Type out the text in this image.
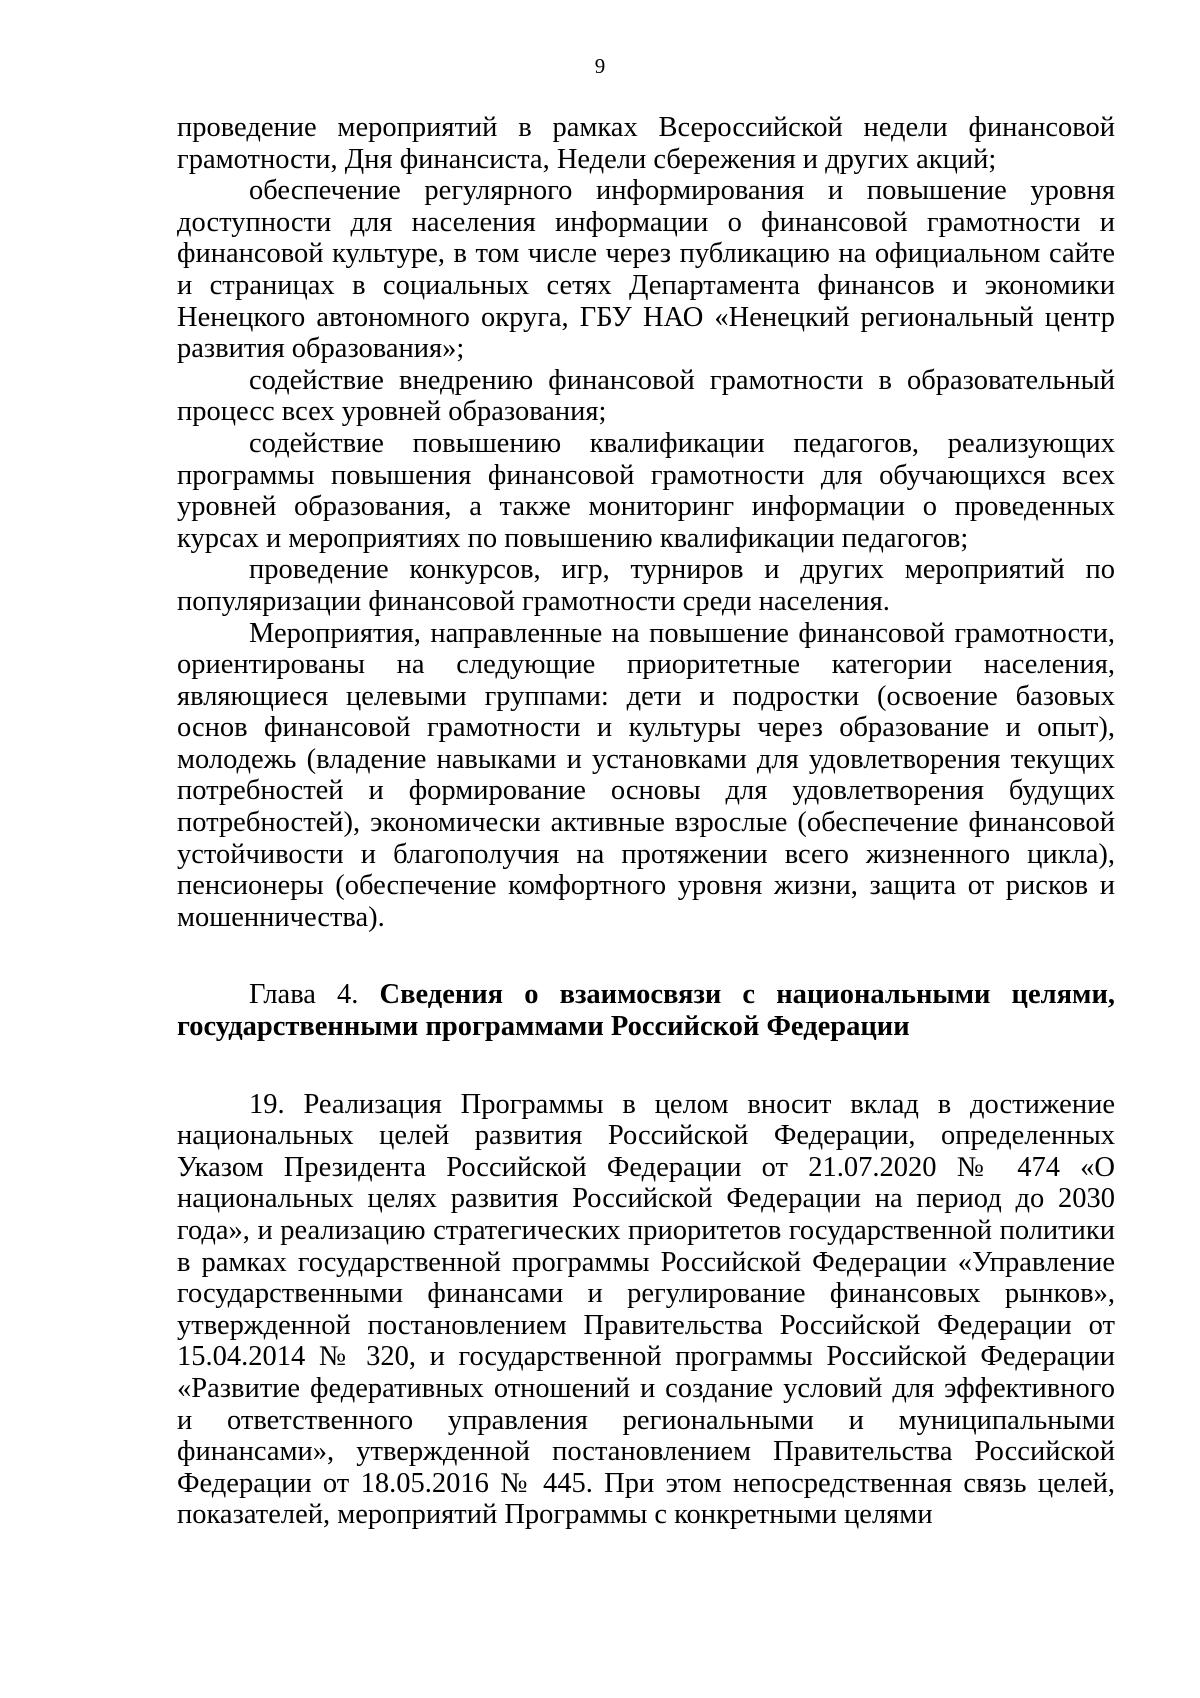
9

проведение мероприятий в рамках Всероссийской недели финансовой грамотности, Дня финансиста, Недели сбережения и других акций;

обеспечение регулярного информирования и повышение уровня доступности для населения информации о финансовой грамотности и финансовой культуре, в том числе через публикацию на официальном сайте и страницах в социальных сетях Департамента финансов и экономики Ненецкого автономного округа, ГБУ НАО «Ненецкий региональный центр развития образования»;

содействие внедрению финансовой грамотности в образовательный процесс всех уровней образования;

содействие повышению квалификации педагогов, реализующих программы повышения финансовой грамотности для обучающихся всех уровней образования, а также мониторинг информации о проведенных курсах и мероприятиях по повышению квалификации педагогов;

проведение конкурсов, игр, турниров и других мероприятий по популяризации финансовой грамотности среди населения.

Мероприятия, направленные на повышение финансовой грамотности, ориентированы на следующие приоритетные категории населения, являющиеся целевыми группами: дети и подростки (освоение базовых основ финансовой грамотности и культуры через образование и опыт), молодежь (владение навыками и установками для удовлетворения текущих потребностей и формирование основы для удовлетворения будущих потребностей), экономически активные взрослые (обеспечение финансовой устойчивости и благополучия на протяжении всего жизненного цикла), пенсионеры (обеспечение комфортного уровня жизни, защита от рисков и мошенничества).

Глава 4. Сведения о взаимосвязи с национальными целями, государственными программами Российской Федерации

19. Реализация Программы в целом вносит вклад в достижение национальных целей развития Российской Федерации, определенных Указом Президента Российской Федерации от 21.07.2020 № 474 «О национальных целях развития Российской Федерации на период до 2030 года», и реализацию стратегических приоритетов государственной политики в рамках государственной программы Российской Федерации «Управление государственными финансами и регулирование финансовых рынков», утвержденной постановлением Правительства Российской Федерации от 15.04.2014 № 320, и государственной программы Российской Федерации «Развитие федеративных отношений и создание условий для эффективного и ответственного управления региональными и муниципальными финансами», утвержденной постановлением Правительства Российской Федерации от 18.05.2016 № 445. При этом непосредственная связь целей, показателей, мероприятий Программы с конкретными целями
